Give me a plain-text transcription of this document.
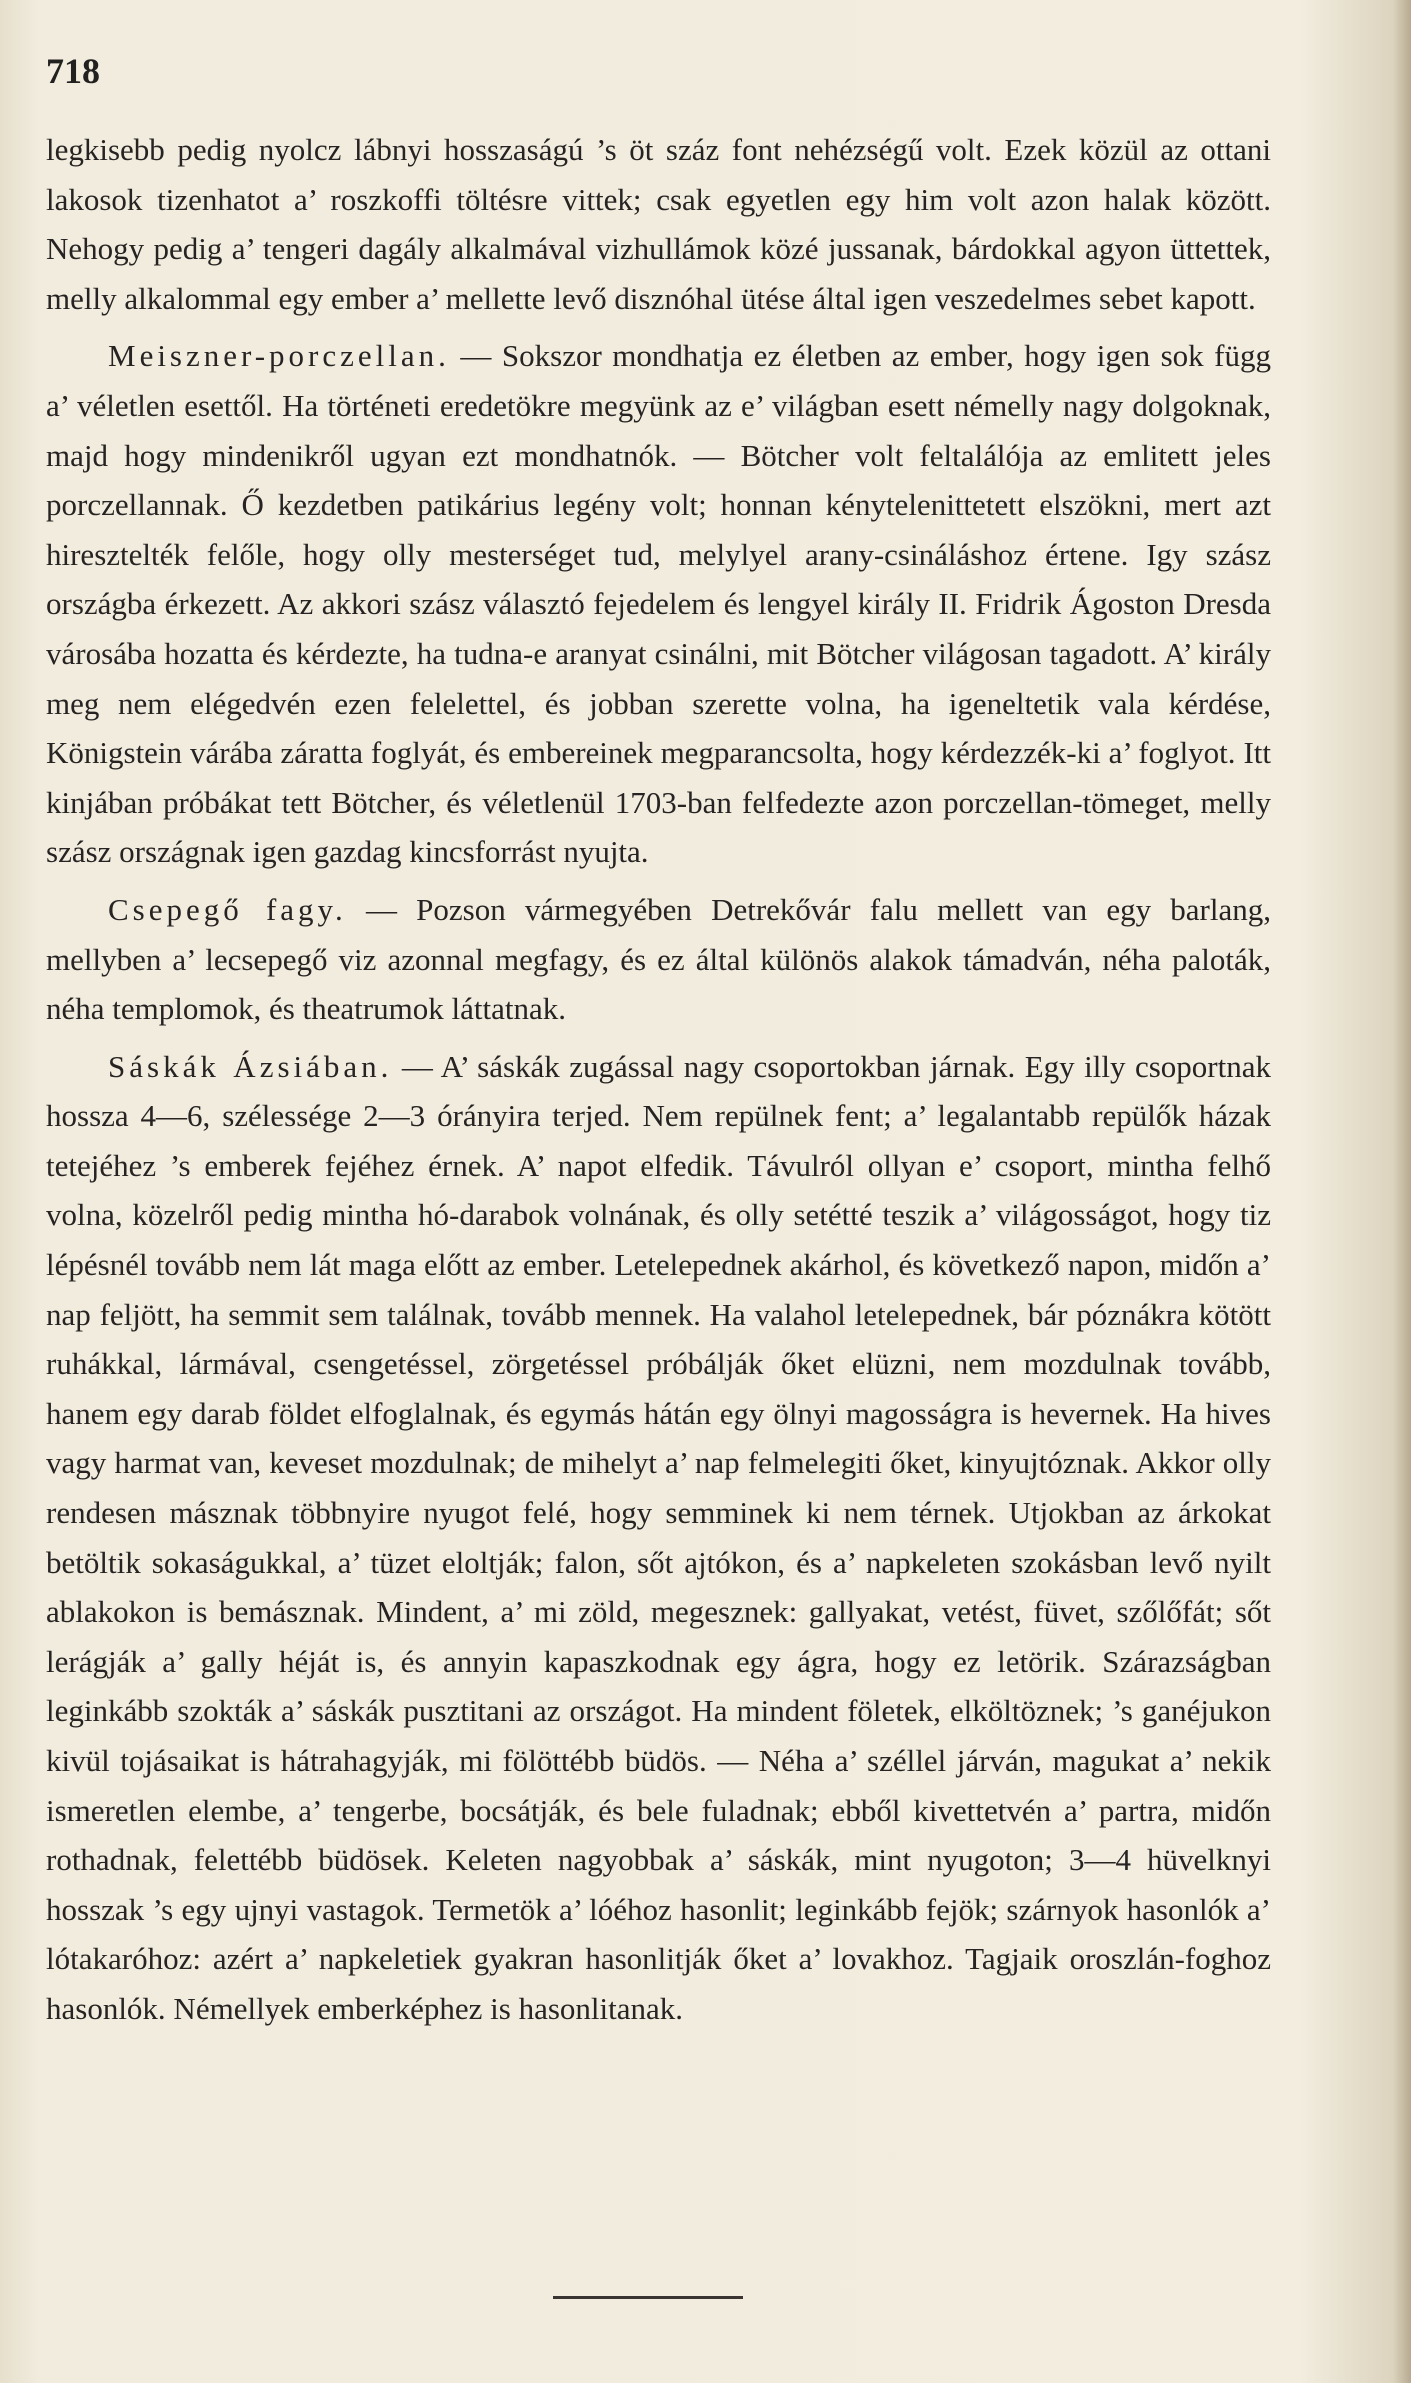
718

legkisebb pedig nyolcz lábnyi hosszaságú ’s öt száz font nehézségű volt. Ezek közül az ottani lakosok tizenhatot a’ roszkoffi töltésre vittek; csak egyetlen egy him volt azon halak között. Nehogy pedig a’ tengeri dagály alkalmával vizhullámok közé jussanak, bárdokkal agyon üttettek, melly alkalommal egy ember a’ mellette levő disznóhal ütése által igen veszedelmes sebet kapott.

Meiszner-porczellan. — Sokszor mondhatja ez életben az ember, hogy igen sok függ a’ véletlen esettől. Ha történeti eredetökre megyünk az e’ világban esett némelly nagy dolgoknak, majd hogy mindenikről ugyan ezt mondhatnók. — Bötcher volt feltalálója az emlitett jeles porczellannak. Ő kezdetben patikárius legény volt; honnan kénytelenittetett elszökni, mert azt hiresztelték felőle, hogy olly mesterséget tud, melylyel arany-csináláshoz értene. Igy szász országba érkezett. Az akkori szász választó fejedelem és lengyel király II. Fridrik Ágoston Dresda városába hozatta és kérdezte, ha tudna-e aranyat csinálni, mit Bötcher világosan tagadott. A’ király meg nem elégedvén ezen felelettel, és jobban szerette volna, ha igeneltetik vala kérdése, Königstein várába záratta foglyát, és embereinek megparancsolta, hogy kérdezzék-ki a’ foglyot. Itt kinjában próbákat tett Bötcher, és véletlenül 1703-ban felfedezte azon porczellan-tömeget, melly szász országnak igen gazdag kincsforrást nyujta.

Csepegő fagy. — Pozson vármegyében Detrekővár falu mellett van egy barlang, mellyben a’ lecsepegő viz azonnal megfagy, és ez által különös alakok támadván, néha paloták, néha templomok, és theatrumok láttatnak.

Sáskák Ázsiában. — A’ sáskák zugással nagy csoportokban járnak. Egy illy csoportnak hossza 4—6, szélessége 2—3 órányira terjed. Nem repülnek fent; a’ legalantabb repülők házak tetejéhez ’s emberek fejéhez érnek. A’ napot elfedik. Távulról ollyan e’ csoport, mintha felhő volna, közelről pedig mintha hó-darabok volnának, és olly setétté teszik a’ világosságot, hogy tiz lépésnél tovább nem lát maga előtt az ember. Letelepednek akárhol, és következő napon, midőn a’ nap feljött, ha semmit sem találnak, tovább mennek. Ha valahol letelepednek, bár póznákra kötött ruhákkal, lármával, csengetéssel, zörgetéssel próbálják őket elüzni, nem mozdulnak tovább, hanem egy darab földet elfoglalnak, és egymás hátán egy ölnyi magosságra is hevernek. Ha hives vagy harmat van, keveset mozdulnak; de mihelyt a’ nap felmelegiti őket, kinyujtóznak. Akkor olly rendesen másznak többnyire nyugot felé, hogy semminek ki nem térnek. Utjokban az árkokat betöltik sokaságukkal, a’ tüzet eloltják; falon, sőt ajtókon, és a’ napkeleten szokásban levő nyilt ablakokon is bemásznak. Mindent, a’ mi zöld, megesznek: gallyakat, vetést, füvet, szőlőfát; sőt lerágják a’ gally héját is, és annyin kapaszkodnak egy ágra, hogy ez letörik. Szárazságban leginkább szokták a’ sáskák pusztitani az országot. Ha mindent föletek, elköltöznek; ’s ganéjukon kivül tojásaikat is hátrahagyják, mi fölöttébb büdös. — Néha a’ széllel járván, magukat a’ nekik ismeretlen elembe, a’ tengerbe, bocsátják, és bele fuladnak; ebből kivettetvén a’ partra, midőn rothadnak, felettébb büdösek. Keleten nagyobbak a’ sáskák, mint nyugoton; 3—4 hüvelknyi hosszak ’s egy ujnyi vastagok. Termetök a’ lóéhoz hasonlit; leginkább fejök; szárnyok hasonlók a’ lótakaróhoz: azért a’ napkeletiek gyakran hasonlitják őket a’ lovakhoz. Tagjaik oroszlán-foghoz hasonlók. Némellyek emberképhez is hasonlitanak.
